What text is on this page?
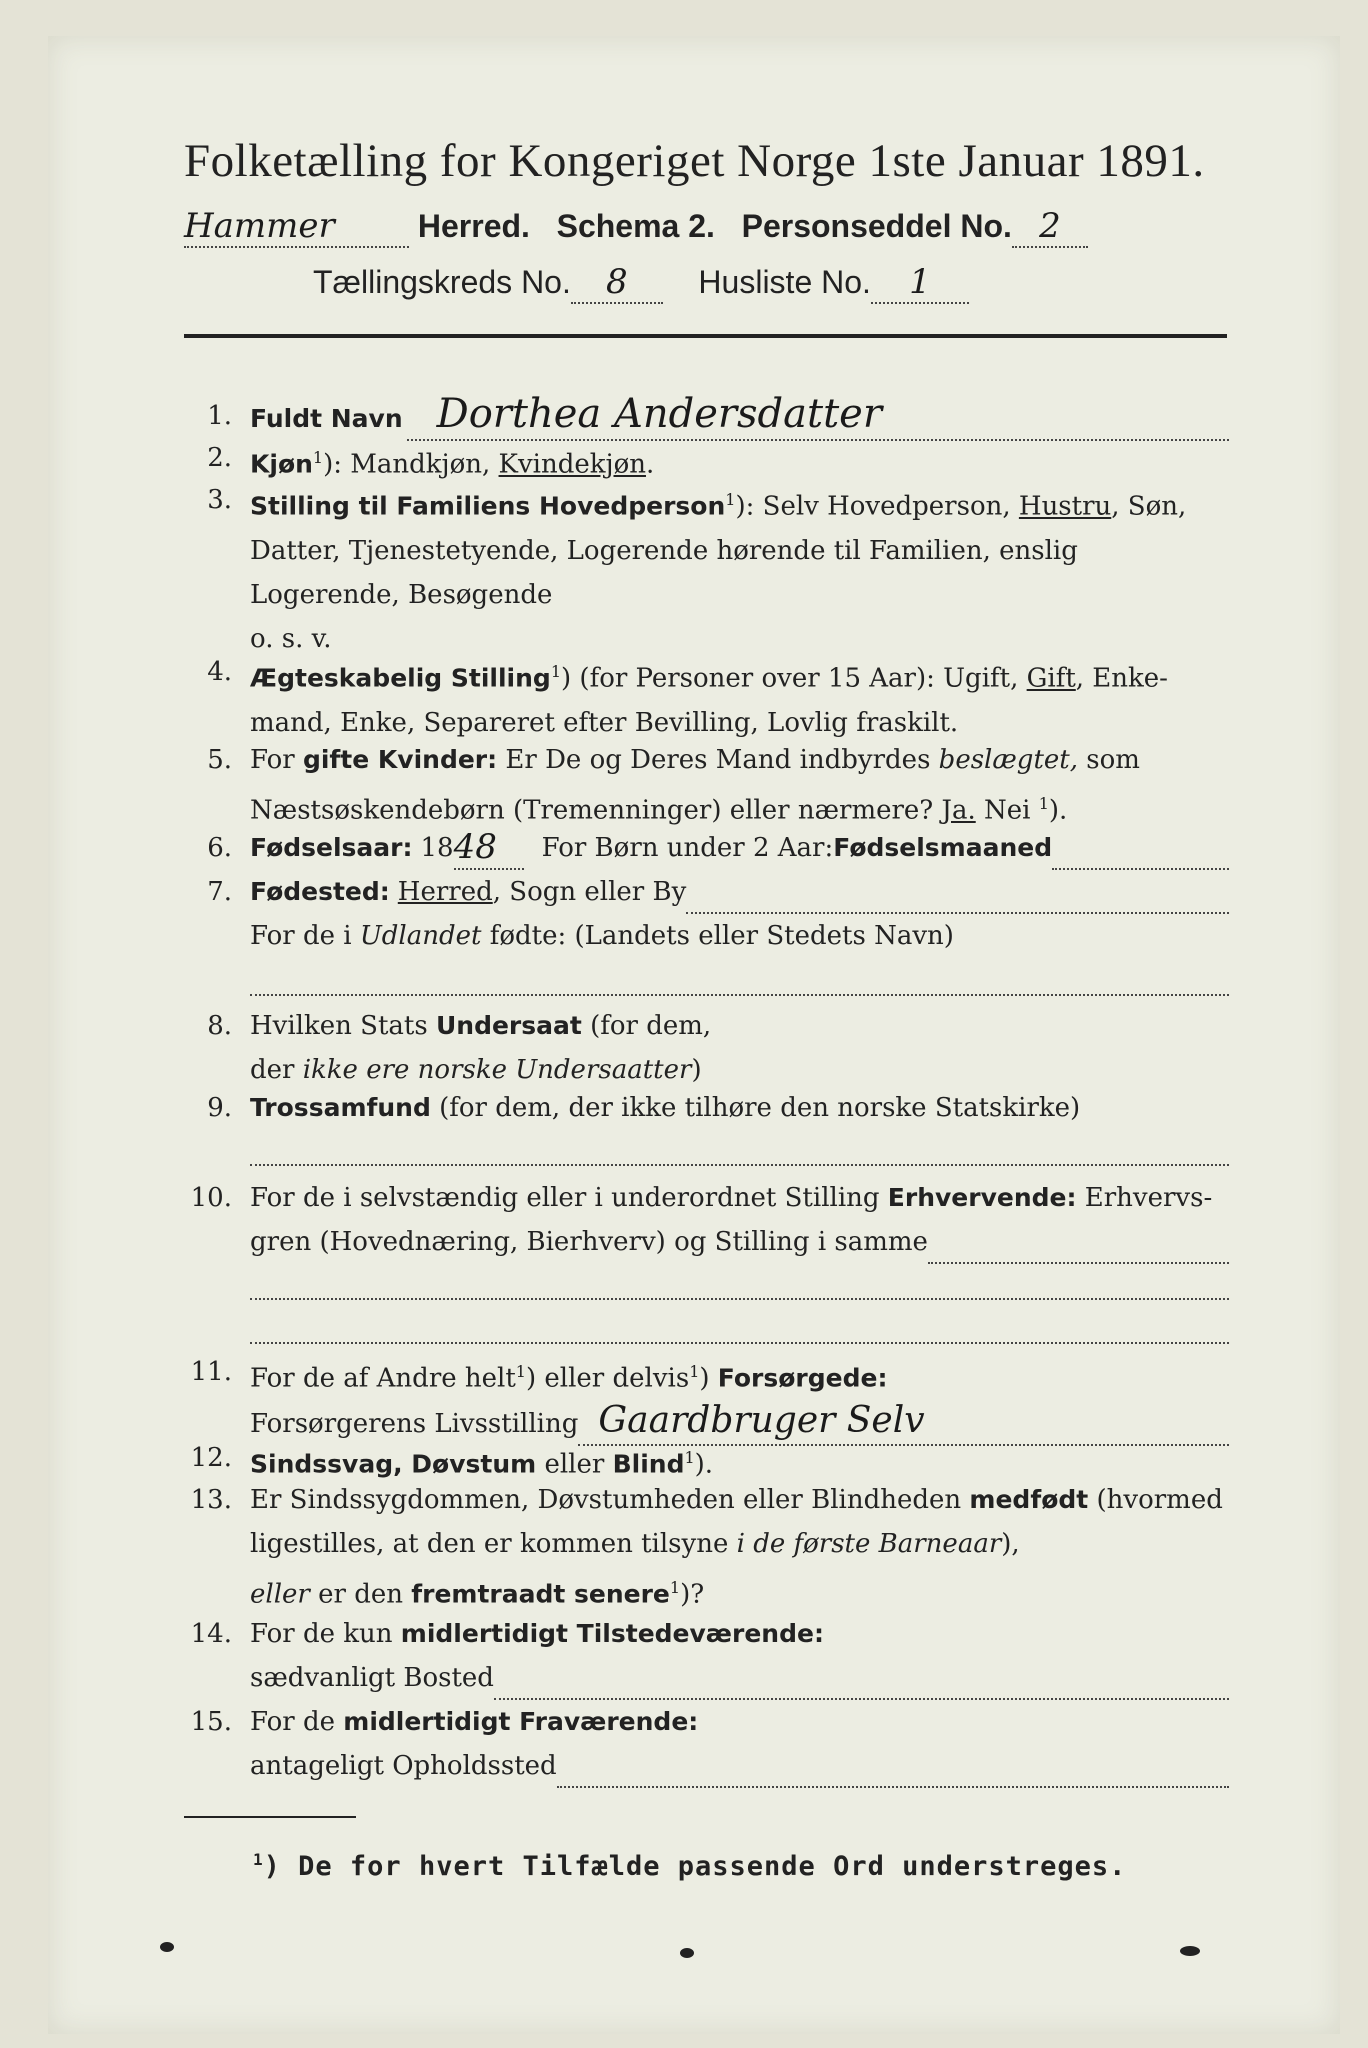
Folketælling for Kongeriget Norge 1ste Januar 1891.
Hammer	Herred. Schema 2. Personseddel No. 2
Tællingskreds No. 8 Husliste No. 1
1. Fuldt Navn Dorthea Andersdatter
2. Kjøn$^1$): Mandkjøn, Kvindekjøn.
3. Stilling til Familiens Hovedperson$^1$): Selv Hovedperson, Hustru, Søn,
Datter, Tjenestetyende, Logerende hørende til Familien, enslig
Logerende, Besøgende
o. s. v.
4. Ægteskabelig Stilling$^1$) (for Personer over 15 Aar): Ugift, Gift, Enke-
mand, Enke, Separeret efter Bevilling, Lovlig fraskilt.
5. For gifte Kvinder: Er De og Deres Mand indbyrdes beslægtet, som
Næstsøskendebørn (Tremenninger) eller nærmere? Ja. Nei $^1$).
6. Fødselsaar: 18 48	For Børn under 2 Aar: Fødselsmaaned
7. Fødested: Herred , Sogn eller By
For de i Udlandet fødte: (Landets eller Stedets Navn)
8. Hvilken Stats Undersaat (for dem,
der ikke ere norske Undersaatter)
9. Trossamfund (for dem, der ikke tilhøre den norske Statskirke)
10. For de i selvstændig eller i underordnet Stilling Erhvervende: Erhvervs-
gren (Hovednæring, Bierhverv) og Stilling i samme
11. For de af Andre helt$^1$) eller delvis$^1$) Forsørgede:
Forsørgerens Livsstilling Gaardbruger Selv
12. Sindssvag, Døvstum eller Blind$^1$).
13. Er Sindssygdommen, Døvstumheden eller Blindheden medfødt (hvormed
ligestilles, at den er kommen tilsyne i de første Barneaar),
eller er den fremtraadt senere$^1$)?
14. For de kun midlertidigt Tilstedeværende:
sædvanligt Bosted
15. For de midlertidigt Fraværende:
antageligt Opholdssted
$^1$) De for hvert Tilfælde passende Ord understreges.
